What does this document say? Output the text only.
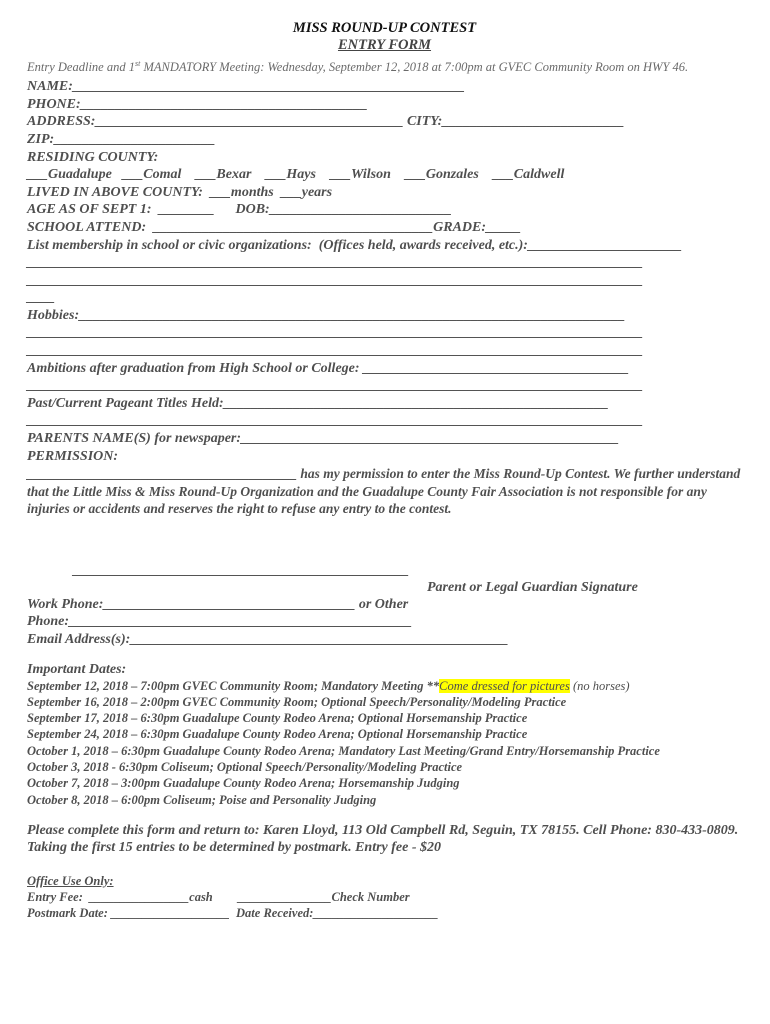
MISS ROUND-UP CONTEST
ENTRY FORM
Entry Deadline and 1st MANDATORY Meeting: Wednesday, September 12, 2018 at 7:00pm at GVEC Community Room on HWY 46.
NAME:________________________________________________________
PHONE:_________________________________________
ADDRESS:____________________________________________ CITY:__________________________
ZIP:_______________________
RESIDING COUNTY:
___Guadalupe   ___Comal    ___Bexar    ___Hays    ___Wilson    ___Gonzales    ___Caldwell
LIVED IN ABOVE COUNTY:  ___months  ___years
AGE AS OF SEPT 1:  ________      DOB:__________________________
SCHOOL ATTEND:  ________________________________________GRADE:_____
List membership in school or civic organizations:  (Offices held, awards received, etc.):______________________
________________________________________________________________________________________
________________________________________________________________________________________
____
Hobbies:______________________________________________________________________________
________________________________________________________________________________________
________________________________________________________________________________________
Ambitions after graduation from High School or College: ______________________________________
________________________________________________________________________________________
Past/Current Pageant Titles Held:_______________________________________________________
________________________________________________________________________________________
PARENTS NAME(S) for newspaper:______________________________________________________
PERMISSION:
________________________________________ has my permission to enter the Miss Round-Up Contest. We further understand that the Little Miss & Miss Round-Up Organization and the Guadalupe County Fair Association is not responsible for any injuries or accidents and reserves the right to refuse any entry to the contest.
________________________________________________
Parent or Legal Guardian Signature
Work Phone:____________________________________ or Other
Phone:_________________________________________________
Email Address(s):______________________________________________________
Important Dates:
September 12, 2018 – 7:00pm GVEC Community Room; Mandatory Meeting **Come dressed for pictures (no horses)
September 16, 2018 – 2:00pm GVEC Community Room; Optional Speech/Personality/Modeling Practice
September 17, 2018 – 6:30pm Guadalupe County Rodeo Arena; Optional Horsemanship Practice
September 24, 2018 – 6:30pm Guadalupe County Rodeo Arena; Optional Horsemanship Practice
October 1, 2018 – 6:30pm Guadalupe County Rodeo Arena; Mandatory Last Meeting/Grand Entry/Horsemanship Practice
October 3, 2018 - 6:30pm Coliseum; Optional Speech/Personality/Modeling Practice
October 7, 2018 – 3:00pm Guadalupe County Rodeo Arena; Horsemanship Judging
October 8, 2018 – 6:00pm Coliseum; Poise and Personality Judging
Please complete this form and return to: Karen Lloyd, 113 Old Campbell Rd, Seguin, TX 78155. Cell Phone: 830-433-0809. Taking the first 15 entries to be determined by postmark. Entry fee - $20
Office Use Only:
Entry Fee:  ________________cash        _______________Check Number
Postmark Date: ___________________  Date Received:____________________
